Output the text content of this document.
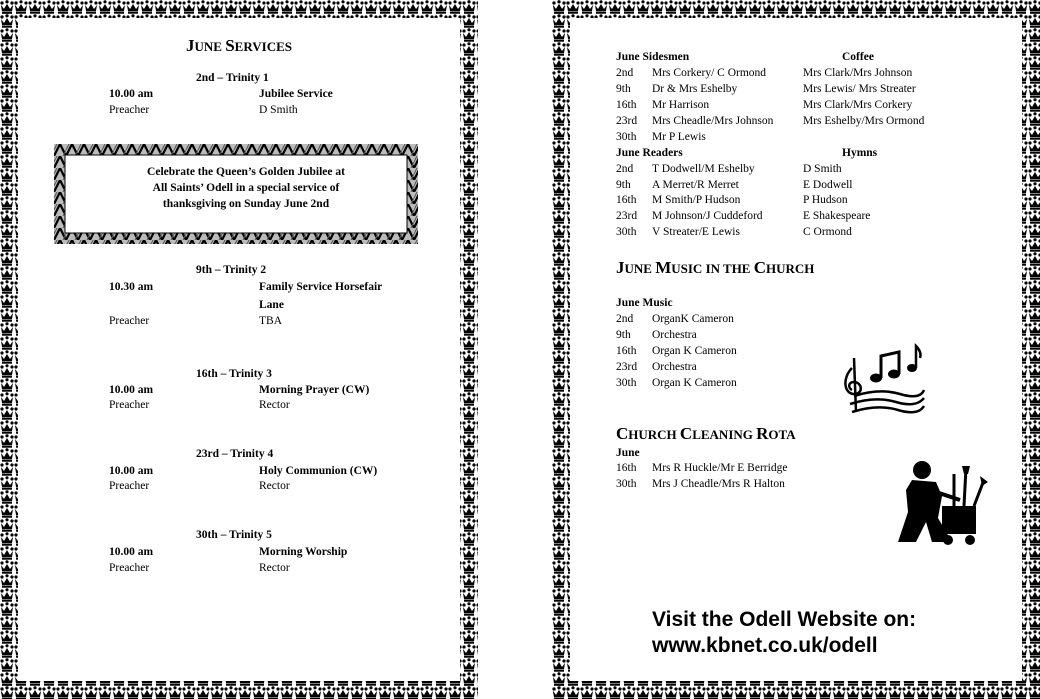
JUNE SERVICES
2nd – Trinity 1
10.00 am	Jubilee Service
Preacher	D Smith
Celebrate the Queen’s Golden Jubilee at
All Saints’ Odell in a special service of
thanksgiving on Sunday June 2nd
9th – Trinity 2
10.30 am	Family Service Horsefair
Lane
Preacher	TBA
16th – Trinity 3
10.00 am	Morning Prayer (CW)
Preacher	Rector
23rd – Trinity 4
10.00 am	Holy Communion (CW)
Preacher	Rector
30th – Trinity 5
10.00 am	Morning Worship
Preacher	Rector
June Sidesmen	Coffee
2nd Mrs Corkery/ C Ormond	Mrs Clark/Mrs Johnson
9th Dr & Mrs Eshelby	Mrs Lewis/ Mrs Streater
16th Mr Harrison	Mrs Clark/Mrs Corkery
23rd Mrs Cheadle/Mrs Johnson	Mrs Eshelby/Mrs Ormond
30th Mr P Lewis
June Readers	Hymns
2nd T Dodwell/M Eshelby	D Smith
9th A Merret/R Merret	E Dodwell
16th M Smith/P Hudson	P Hudson
23rd M Johnson/J Cuddeford	E Shakespeare
30th V Streater/E Lewis	C Ormond
JUNE MUSIC IN THE CHURCH
June Music
2nd OrganK Cameron
9th Orchestra
16th Organ K Cameron
23rd Orchestra
30th Organ K Cameron
CHURCH CLEANING ROTA
June
16th Mrs R Huckle/Mr E Berridge
30th Mrs J Cheadle/Mrs R Halton
Visit the Odell Website on:
www.kbnet.co.uk/odell
